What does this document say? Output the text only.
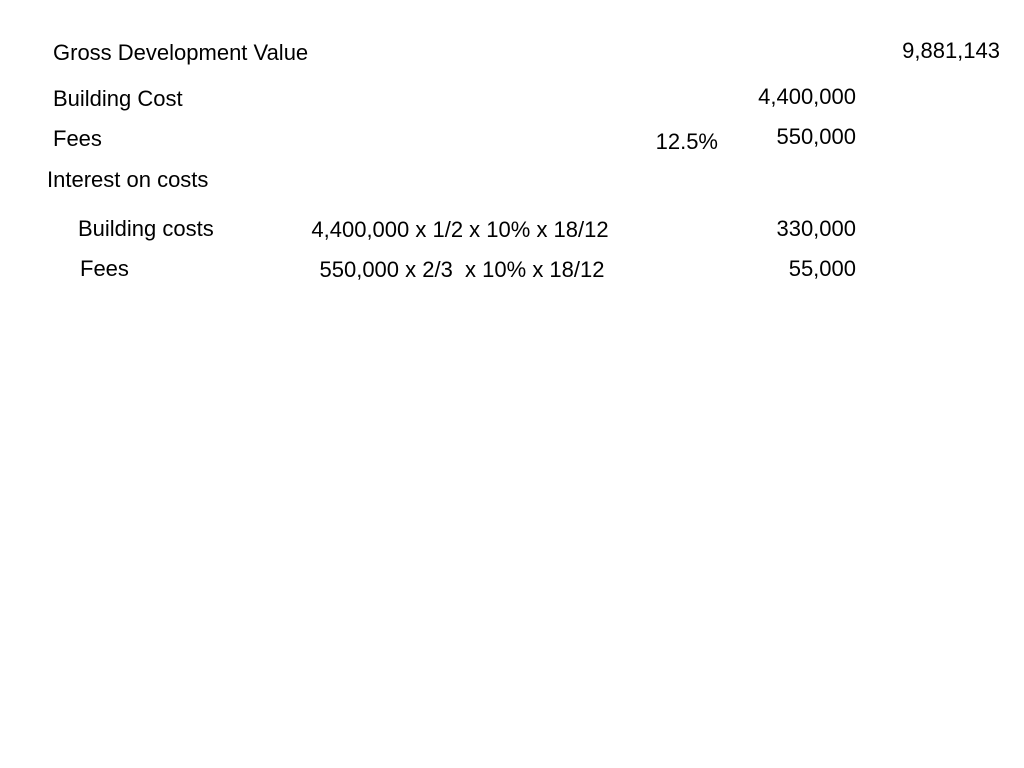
Gross Development Value	9,881,143
Building Cost	4,400,000
Fees	12.5%	550,000
Interest on costs
Building costs	4,400,000 x 1/2 x 10% x 18/12	330,000
Fees	550,000 x 2/3  x 10% x 18/12	55,000
